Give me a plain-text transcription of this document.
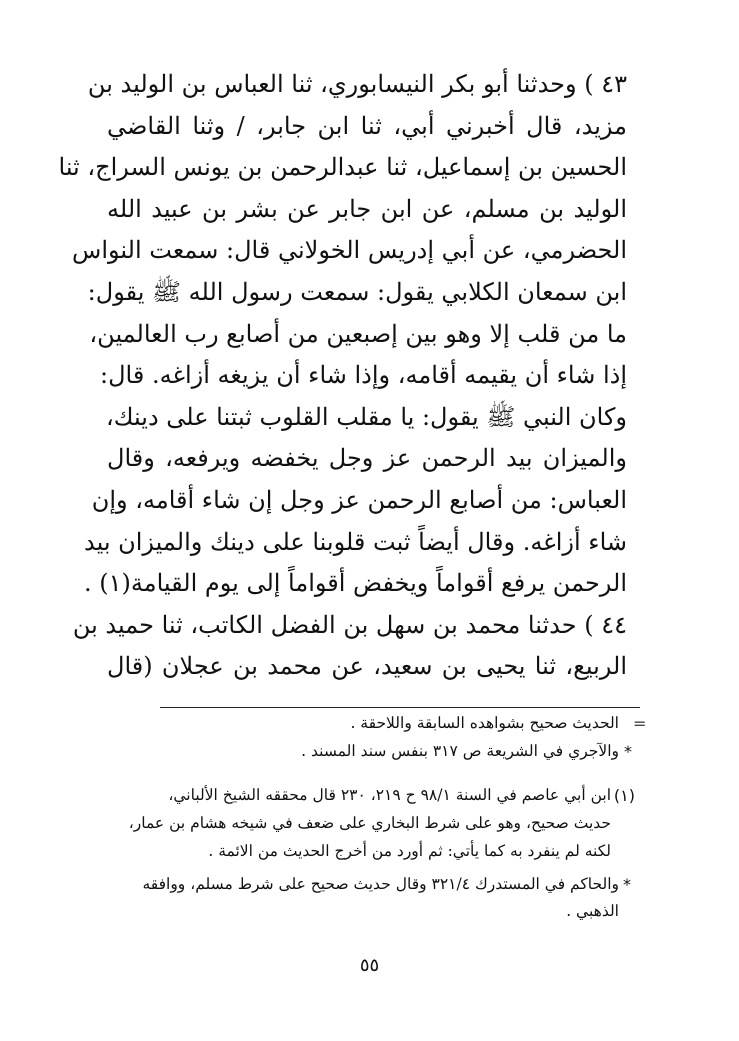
٤٣ ) وحدثنا أبو بكر النيسابوري، ثنا العباس بن الوليد بن
مزيد، قال أخبرني أبي، ثنا ابن جابر، / وثنا القاضي
الحسين بن إسماعيل، ثنا عبدالرحمن بن يونس السراج، ثنا
الوليد بن مسلم، عن ابن جابر عن بشر بن عبيد الله
الحضرمي، عن أبي إدريس الخولاني قال: سمعت النواس
ابن سمعان الكلابي يقول: سمعت رسول الله ﷺ يقول:
ما من قلب إلا وهو بين إصبعين من أصابع رب العالمين،
إذا شاء أن يقيمه أقامه، وإذا شاء أن يزيغه أزاغه. قال:
وكان النبي ﷺ يقول: يا مقلب القلوب ثبتنا على دينك،
والميزان بيد الرحمن عز وجل يخفضه ويرفعه، وقال
العباس: من أصابع الرحمن عز وجل إن شاء أقامه، وإن
شاء أزاغه. وقال أيضاً ثبت قلوبنا على دينك والميزان بيد
الرحمن يرفع أقواماً ويخفض أقواماً إلى يوم القيامة(١) .
٤٤ ) حدثنا محمد بن سهل بن الفضل الكاتب، ثنا حميد بن
الربيع، ثنا يحيى بن سعيد، عن محمد بن عجلان (قال
=
الحديث صحيح بشواهده السابقة واللاحقة .
*
والآجري في الشريعة ص ٣١٧ بنفس سند المسند .
(١)
ابن أبي عاصم في السنة ٩٨/١ ح ٢١٩، ٢٣٠ قال محققه الشيخ الألباني،
حديث صحيح، وهو على شرط البخاري على ضعف في شيخه هشام بن عمار،
لكنه لم ينفرد به كما يأتي: ثم أورد من أخرج الحديث من الائمة .
*
والحاكم في المستدرك ٣٢١/٤ وقال حديث صحيح على شرط مسلم، ووافقه
الذهبي .
٥٥
